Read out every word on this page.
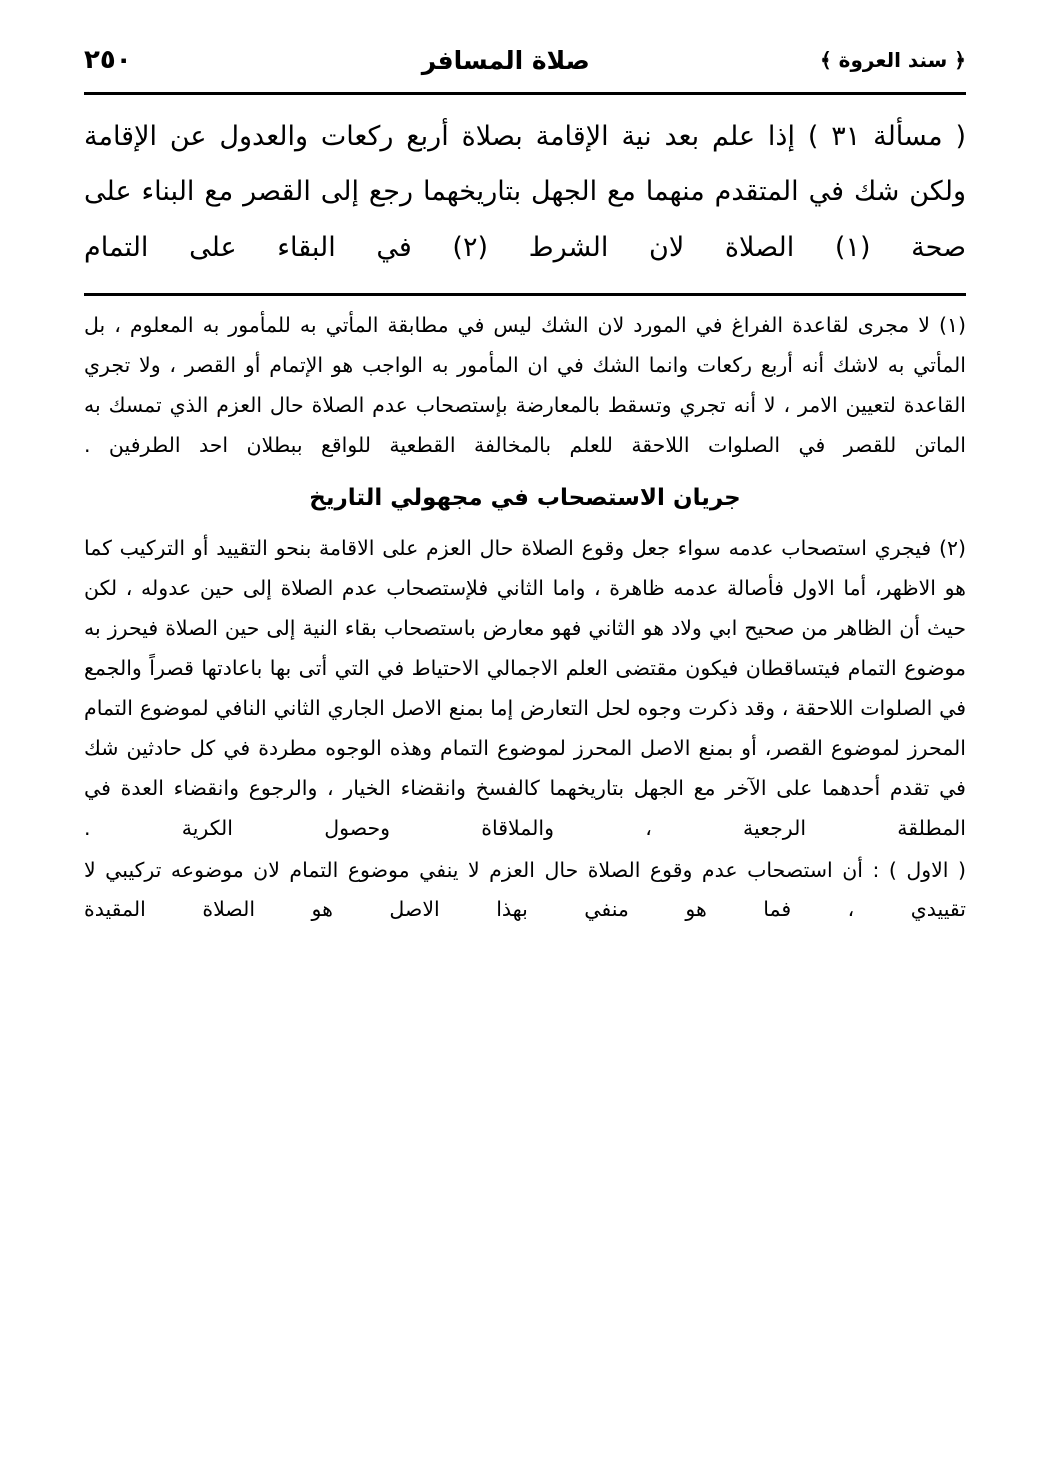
﴿ سند العروة ﴾
صلاة المسافر
٢٥٠

( مسألة ٣١ ) إذا علم بعد نية الإقامة بصلاة أربع ركعات والعدول عن الإقامة ولكن شك في المتقدم منهما مع الجهل بتاريخهما رجع إلى القصر مع البناء على صحة (١) الصلاة لان الشرط (٢) في البقاء على التمام

(١) لا مجرى لقاعدة الفراغ في المورد لان الشك ليس في مطابقة المأتي به للمأمور به المعلوم ، بل المأتي به لاشك أنه أربع ركعات وانما الشك في ان المأمور به الواجب هو الإتمام أو القصر ، ولا تجري القاعدة لتعيين الامر ، لا أنه تجري وتسقط بالمعارضة بإستصحاب عدم الصلاة حال العزم الذي تمسك به الماتن للقصر في الصلوات اللاحقة للعلم بالمخالفة القطعية للواقع ببطلان احد الطرفين .

جريان الاستصحاب في مجهولي التاريخ

(٢) فيجري استصحاب عدمه سواء جعل وقوع الصلاة حال العزم على الاقامة بنحو التقييد أو التركيب كما هو الاظهر، أما الاول فأصالة عدمه ظاهرة ، واما الثاني فلإستصحاب عدم الصلاة إلى حين عدوله ، لكن حيث أن الظاهر من صحيح ابي ولاد هو الثاني فهو معارض باستصحاب بقاء النية إلى حين الصلاة فيحرز به موضوع التمام فيتساقطان فيكون مقتضى العلم الاجمالي الاحتياط في التي أتى بها باعادتها قصراً والجمع في الصلوات اللاحقة ، وقد ذكرت وجوه لحل التعارض إما بمنع الاصل الجاري الثاني النافي لموضوع التمام المحرز لموضوع القصر، أو بمنع الاصل المحرز لموضوع التمام وهذه الوجوه مطردة في كل حادثين شك في تقدم أحدهما على الآخر مع الجهل بتاريخهما كالفسخ وانقضاء الخيار ، والرجوع وانقضاء العدة في المطلقة الرجعية ، والملاقاة وحصول الكرية .

( الاول ) : أن استصحاب عدم وقوع الصلاة حال العزم لا ينفي موضوع التمام لان موضوعه تركيبي لا تقييدي ، فما هو منفي بهذا الاصل هو الصلاة المقيدة
